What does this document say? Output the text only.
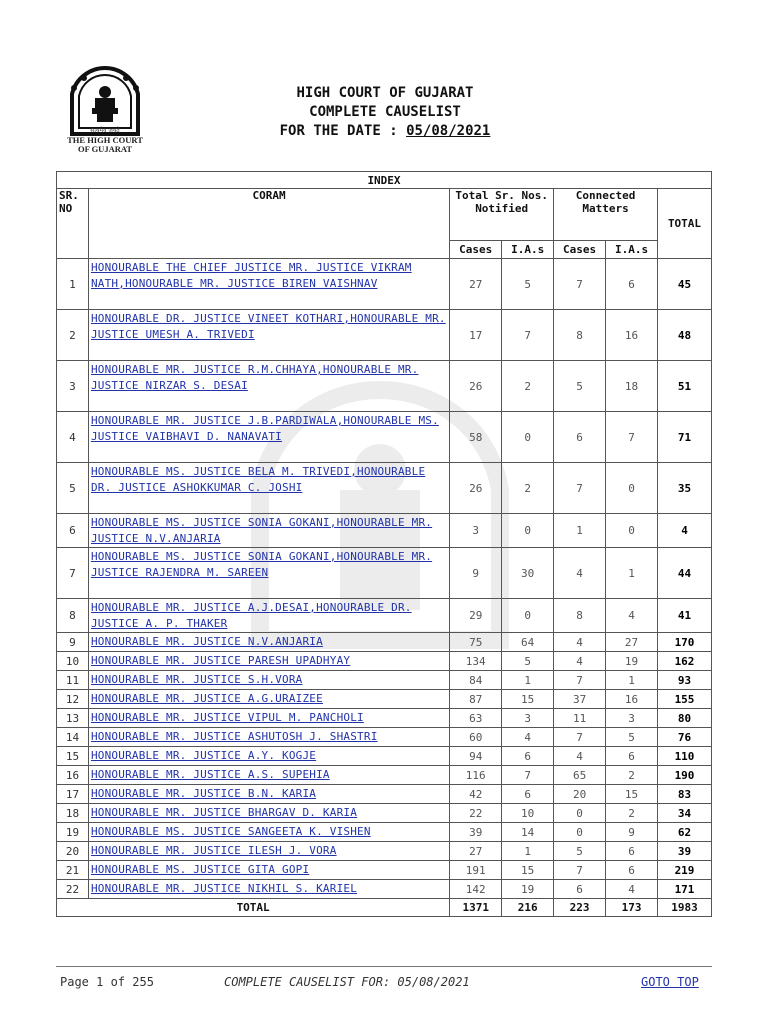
सत्यमेव जयते
THE HIGH COURT
OF GUJARAT
HIGH COURT OF GUJARAT
COMPLETE CAUSELIST
FOR THE DATE : 05/08/2021
INDEX						
SR. NO	CORAM	Total Sr. Nos. Notified		Connected Matters		TOTAL
		Cases	I.A.s	Cases	I.A.s	
1	HONOURABLE THE CHIEF JUSTICE MR. JUSTICE VIKRAM NATH,HONOURABLE MR. JUSTICE BIREN VAISHNAV	27	5	7	6	45
2	HONOURABLE DR. JUSTICE VINEET KOTHARI,HONOURABLE MR. JUSTICE UMESH A. TRIVEDI	17	7	8	16	48
3	HONOURABLE MR. JUSTICE R.M.CHHAYA,HONOURABLE MR. JUSTICE NIRZAR S. DESAI	26	2	5	18	51
4	HONOURABLE MR. JUSTICE J.B.PARDIWALA,HONOURABLE MS. JUSTICE VAIBHAVI D. NANAVATI	58	0	6	7	71
5	HONOURABLE MS. JUSTICE BELA M. TRIVEDI,HONOURABLE DR. JUSTICE ASHOKKUMAR C. JOSHI	26	2	7	0	35
6	HONOURABLE MS. JUSTICE SONIA GOKANI,HONOURABLE MR. JUSTICE N.V.ANJARIA	3	0	1	0	4
7	HONOURABLE MS. JUSTICE SONIA GOKANI,HONOURABLE MR. JUSTICE RAJENDRA M. SAREEN	9	30	4	1	44
8	HONOURABLE MR. JUSTICE A.J.DESAI,HONOURABLE DR. JUSTICE A. P. THAKER	29	0	8	4	41
9	HONOURABLE MR. JUSTICE N.V.ANJARIA	75	64	4	27	170
10	HONOURABLE MR. JUSTICE PARESH UPADHYAY	134	5	4	19	162
11	HONOURABLE MR. JUSTICE S.H.VORA	84	1	7	1	93
12	HONOURABLE MR. JUSTICE A.G.URAIZEE	87	15	37	16	155
13	HONOURABLE MR. JUSTICE VIPUL M. PANCHOLI	63	3	11	3	80
14	HONOURABLE MR. JUSTICE ASHUTOSH J. SHASTRI	60	4	7	5	76
15	HONOURABLE MR. JUSTICE A.Y. KOGJE	94	6	4	6	110
16	HONOURABLE MR. JUSTICE A.S. SUPEHIA	116	7	65	2	190
17	HONOURABLE MR. JUSTICE B.N. KARIA	42	6	20	15	83
18	HONOURABLE MR. JUSTICE BHARGAV D. KARIA	22	10	0	2	34
19	HONOURABLE MS. JUSTICE SANGEETA K. VISHEN	39	14	0	9	62
20	HONOURABLE MR. JUSTICE ILESH J. VORA	27	1	5	6	39
21	HONOURABLE MS. JUSTICE GITA GOPI	191	15	7	6	219
22	HONOURABLE MR. JUSTICE NIKHIL S. KARIEL	142	19	6	4	171
TOTAL		1371	216	223	173	1983
Page 1 of 255	COMPLETE CAUSELIST FOR: 05/08/2021	GOTO TOP
